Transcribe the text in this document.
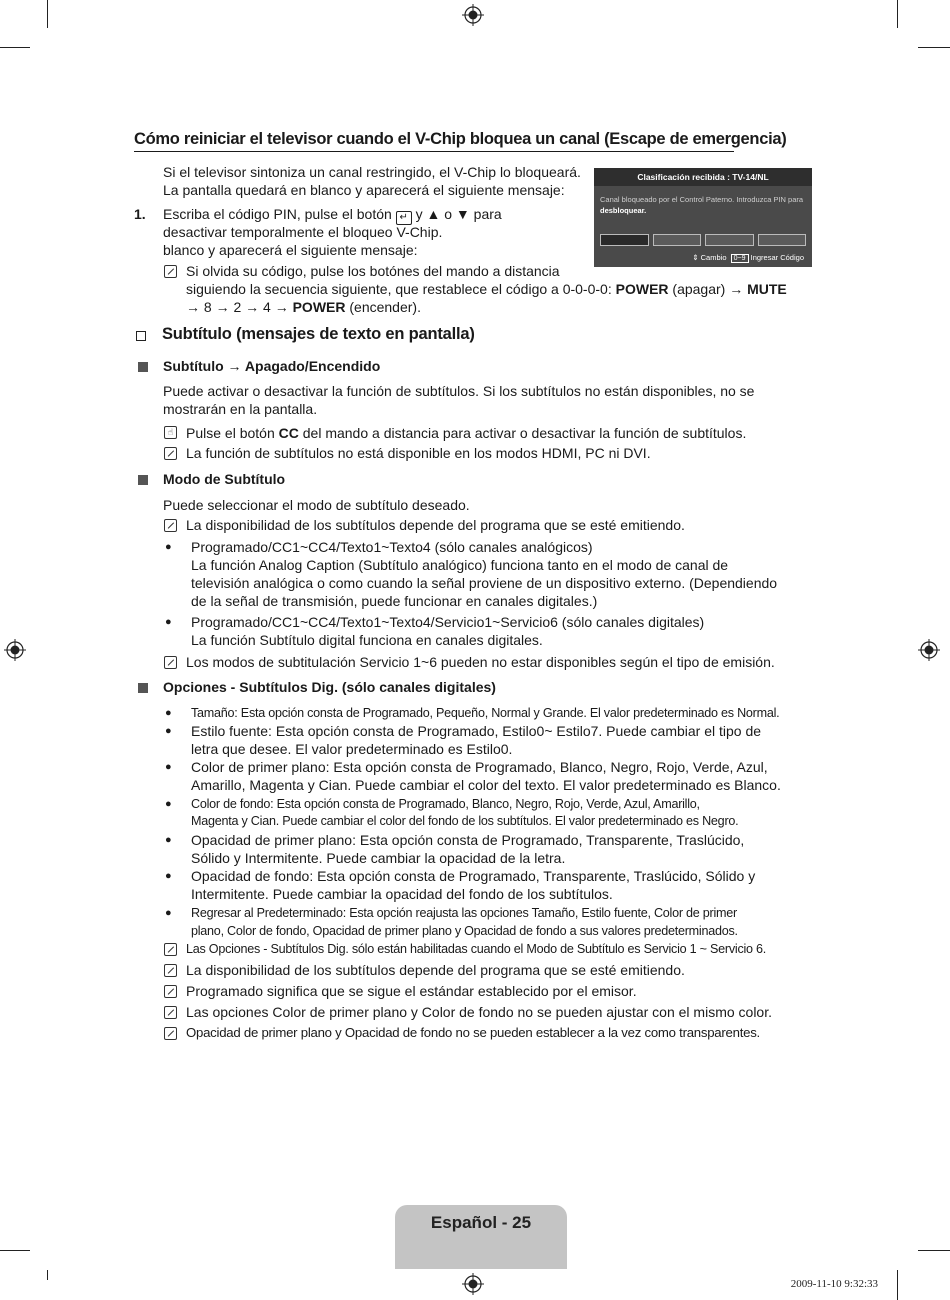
Cómo reiniciar el televisor cuando el V-Chip bloquea un canal (Escape de emergencia)
Si el televisor sintoniza un canal restringido, el V-Chip lo bloqueará.
La pantalla quedará en blanco y aparecerá el siguiente mensaje:
1. Escriba el código PIN, pulse el botón ↵ y ▲ o ▼ para
desactivar temporalmente el bloqueo V-Chip.
blanco y aparecerá el siguiente mensaje:
Si olvida su código, pulse los botónes del mando a distancia
siguiendo la secuencia siguiente, que restablece el código a 0-0-0-0: POWER (apagar) → MUTE
→ 8 → 2 → 4 → POWER (encender).
Clasificación recibida : TV-14/NL
Canal bloqueado por el Control Paterno. Introduzca PIN para
desbloquear.
⇕ Cambio 0~9 Ingresar Código
Subtítulo (mensajes de texto en pantalla)
Subtítulo → Apagado/Encendido
Puede activar o desactivar la función de subtítulos. Si los subtítulos no están disponibles, no se
mostrarán en la pantalla.
☝ Pulse el botón CC del mando a distancia para activar o desactivar la función de subtítulos.
La función de subtítulos no está disponible en los modos HDMI, PC ni DVI.
Modo de Subtítulo
Puede seleccionar el modo de subtítulo deseado.
La disponibilidad de los subtítulos depende del programa que se esté emitiendo.
● Programado/CC1~CC4/Texto1~Texto4 (sólo canales analógicos)
La función Analog Caption (Subtítulo analógico) funciona tanto en el modo de canal de
televisión analógica o como cuando la señal proviene de un dispositivo externo. (Dependiendo
de la señal de transmisión, puede funcionar en canales digitales.)
● Programado/CC1~CC4/Texto1~Texto4/Servicio1~Servicio6 (sólo canales digitales)
La función Subtítulo digital funciona en canales digitales.
Los modos de subtitulación Servicio 1~6 pueden no estar disponibles según el tipo de emisión.
Opciones - Subtítulos Dig. (sólo canales digitales)
● Tamaño: Esta opción consta de Programado, Pequeño, Normal y Grande. El valor predeterminado es Normal.
● Estilo fuente: Esta opción consta de Programado, Estilo0~ Estilo7. Puede cambiar el tipo de
letra que desee. El valor predeterminado es Estilo0.
● Color de primer plano: Esta opción consta de Programado, Blanco, Negro, Rojo, Verde, Azul,
Amarillo, Magenta y Cian. Puede cambiar el color del texto. El valor predeterminado es Blanco.
● Color de fondo: Esta opción consta de Programado, Blanco, Negro, Rojo, Verde, Azul, Amarillo,
Magenta y Cian. Puede cambiar el color del fondo de los subtítulos. El valor predeterminado es Negro.
● Opacidad de primer plano: Esta opción consta de Programado, Transparente, Traslúcido,
Sólido y Intermitente. Puede cambiar la opacidad de la letra.
● Opacidad de fondo: Esta opción consta de Programado, Transparente, Traslúcido, Sólido y
Intermitente. Puede cambiar la opacidad del fondo de los subtítulos.
● Regresar al Predeterminado: Esta opción reajusta las opciones Tamaño, Estilo fuente, Color de primer
plano, Color de fondo, Opacidad de primer plano y Opacidad de fondo a sus valores predeterminados.
Las Opciones - Subtítulos Dig. sólo están habilitadas cuando el Modo de Subtítulo es Servicio 1 ~ Servicio 6.
La disponibilidad de los subtítulos depende del programa que se esté emitiendo.
Programado significa que se sigue el estándar establecido por el emisor.
Las opciones Color de primer plano y Color de fondo no se pueden ajustar con el mismo color.
Opacidad de primer plano y Opacidad de fondo no se pueden establecer a la vez como transparentes.
Español - 25
2009-11-10 9:32:33
